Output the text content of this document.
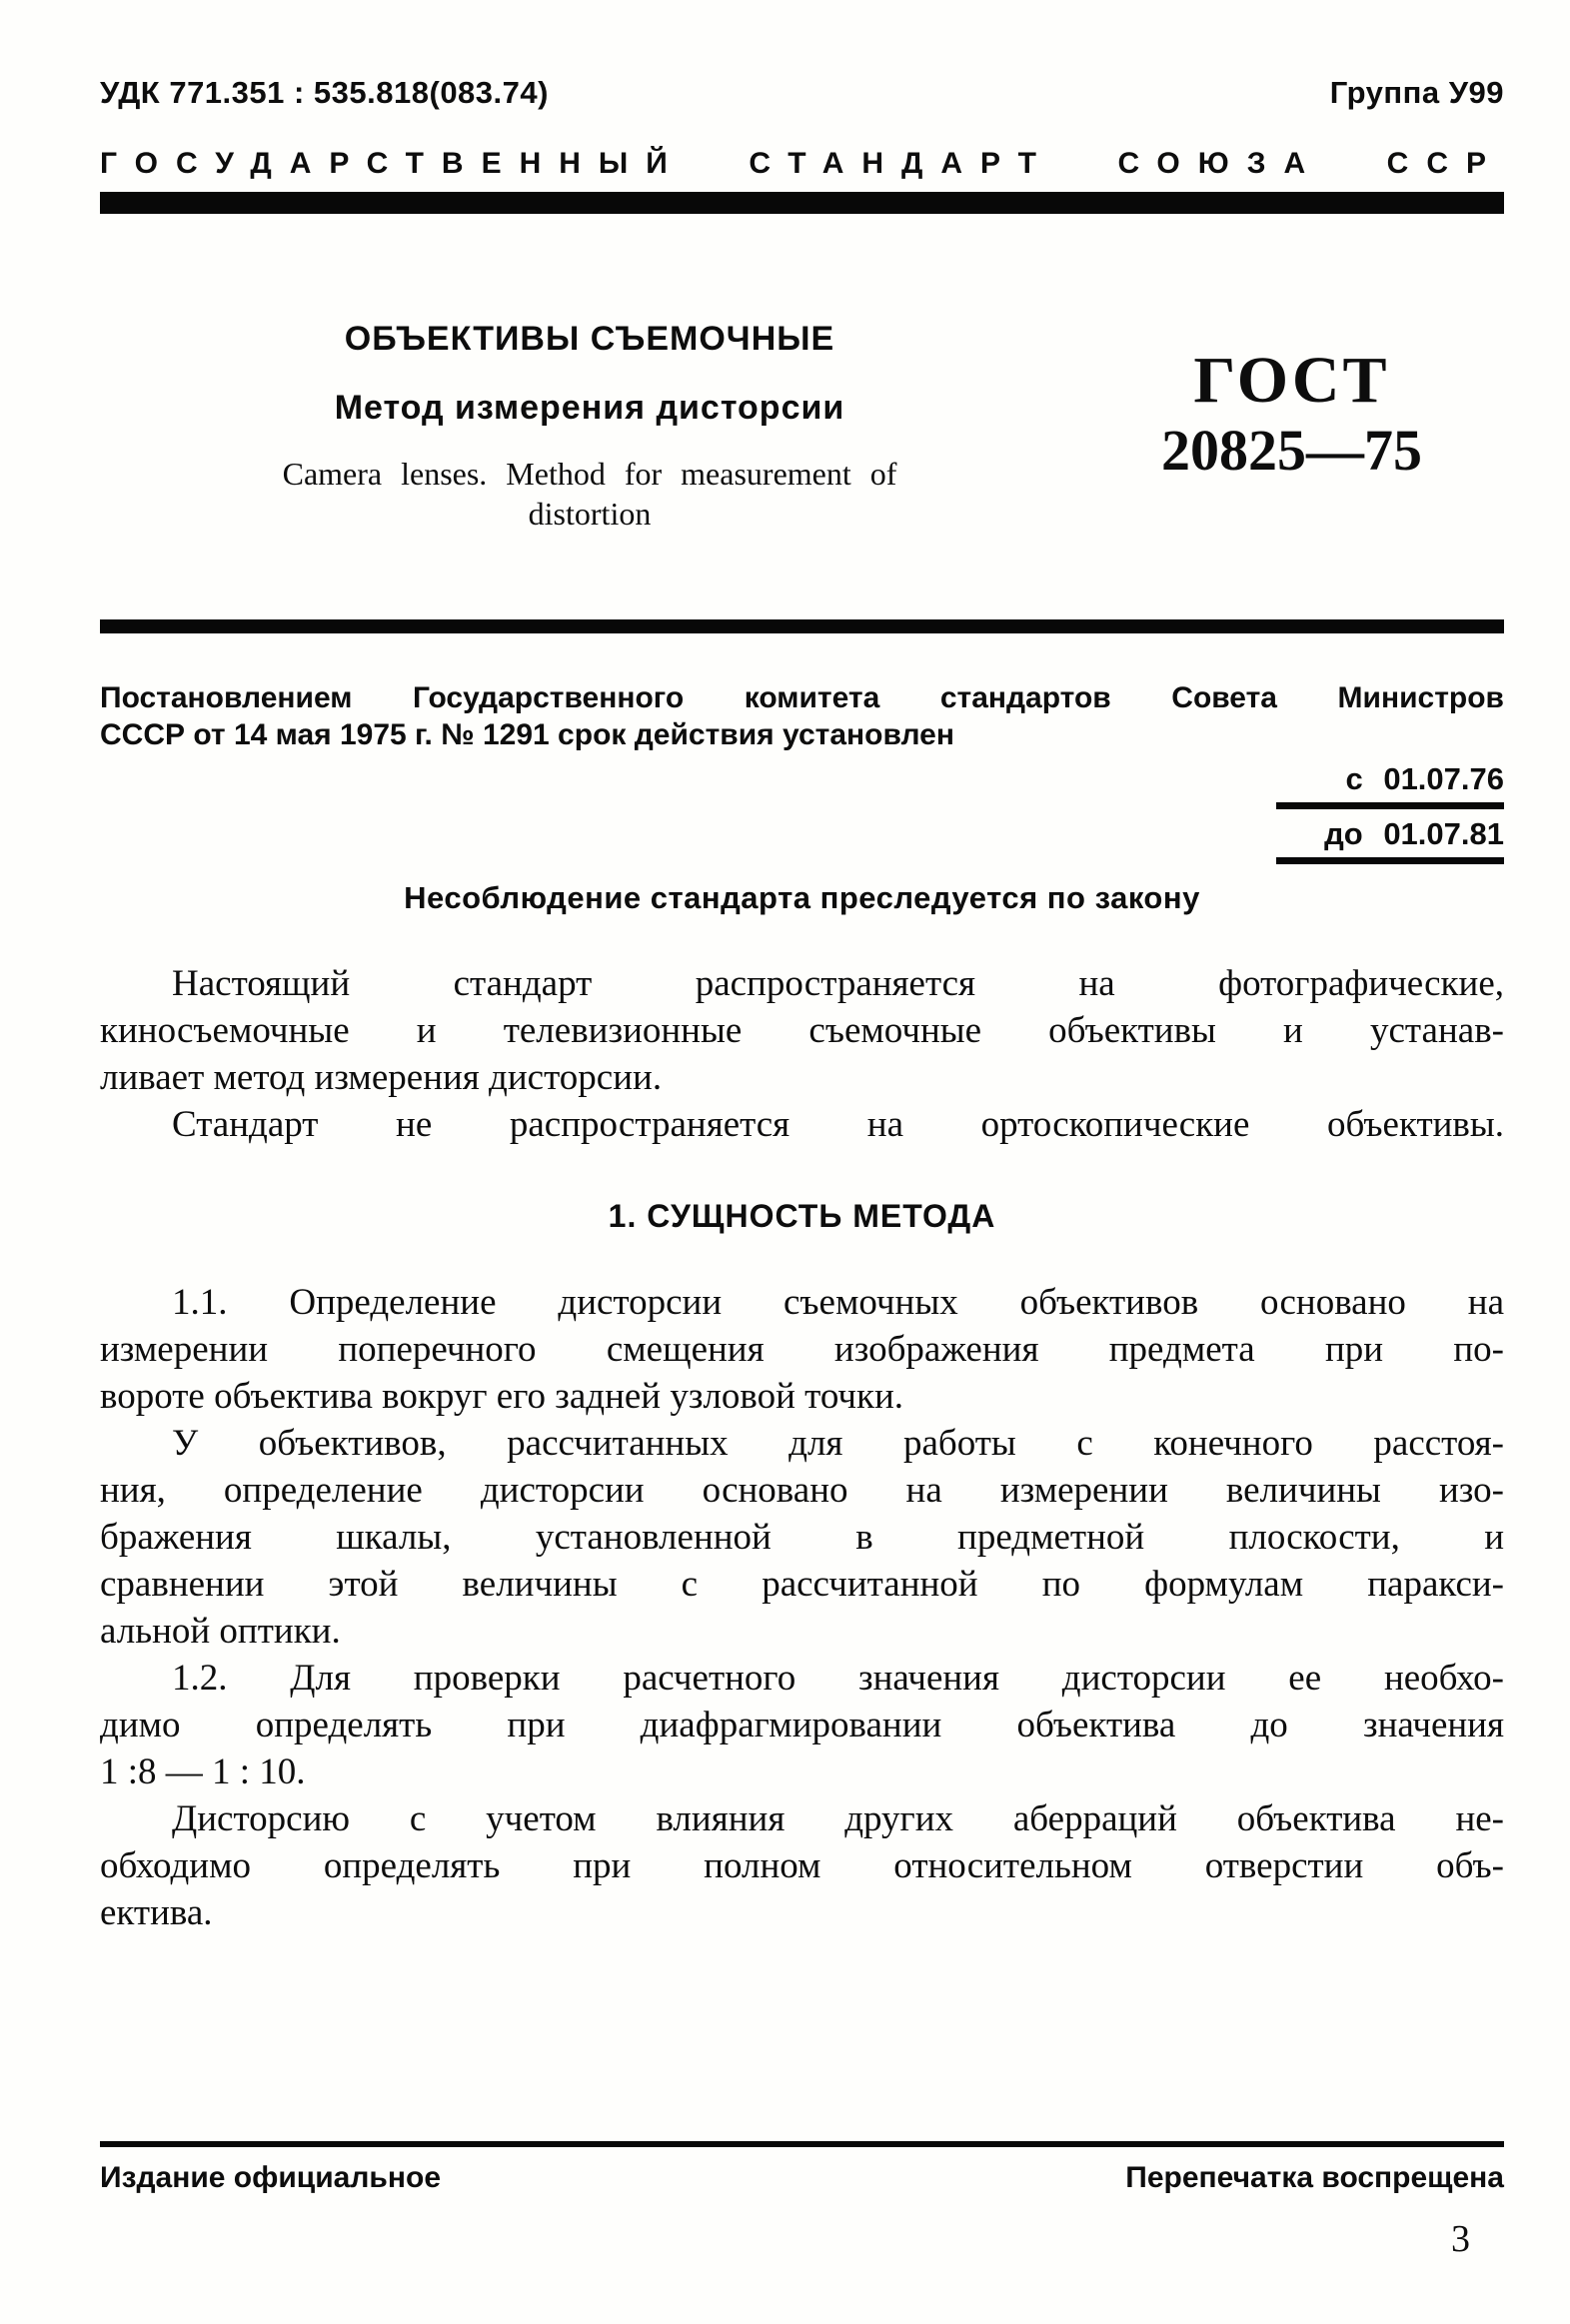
УДК 771.351 : 535.818(083.74)	Группа У99
ГОСУДАРСТВЕННЫЙ СТАНДАРТ СОЮЗА ССР
ОБЪЕКТИВЫ СЪЕМОЧНЫЕ
Метод измерения дисторсии
Camera lenses. Method for measurement of
distortion
ГОСТ
20825—75
Постановлением Государственного комитета стандартов Совета Министров
СССР от 14 мая 1975 г. № 1291 срок действия установлен
с 01.07.76
до 01.07.81
Несоблюдение стандарта преследуется по закону
Настоящий стандарт распространяется на фотографические,
киносъемочные и телевизионные съемочные объективы и устанав-
ливает метод измерения дисторсии.
Стандарт не распространяется на ортоскопические объективы.
1. СУЩНОСТЬ МЕТОДА
1.1. Определение дисторсии съемочных объективов основано на
измерении поперечного смещения изображения предмета при по-
вороте объектива вокруг его задней узловой точки.
У объективов, рассчитанных для работы с конечного расстоя-
ния, определение дисторсии основано на измерении величины изо-
бражения шкалы, установленной в предметной плоскости, и
сравнении этой величины с рассчитанной по формулам паракси-
альной оптики.
1.2. Для проверки расчетного значения дисторсии ее необхо-
димо определять при диафрагмировании объектива до значения
1 :8 — 1 : 10.
Дисторсию с учетом влияния других аберраций объектива не-
обходимо определять при полном относительном отверстии объ-
ектива.
Издание официальное	Перепечатка воспрещена
3
